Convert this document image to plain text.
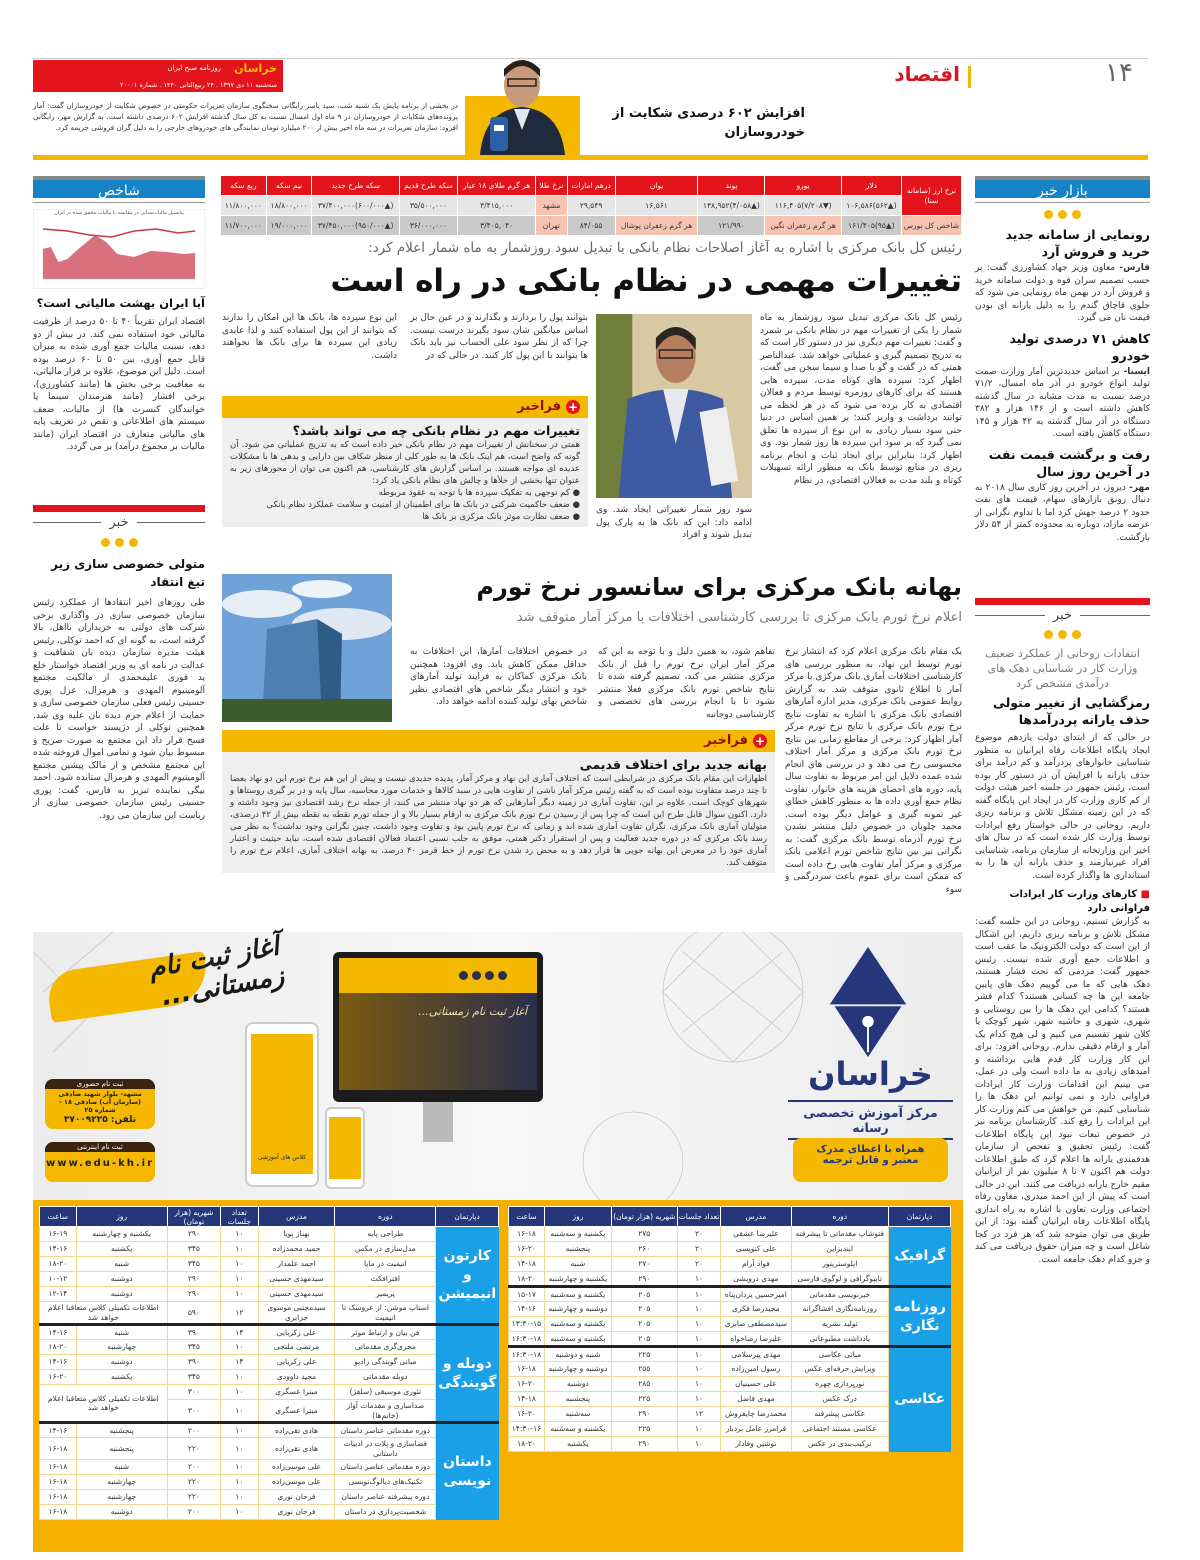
۱۴
اقتصاد
خراسان
روزنامه صبح ایران
سه‌شنبه ۱۱ دی ۱۳۹۷ . ۲۴ ربیع‌الثانی ۱۴۴۰ . شماره ۲۰۰۰۱
افزایش ۶۰۲ درصدی شکایت از خودروسازان
در بخشی از برنامه پایش یک شنبه شب، سید یاسر رایگانی سخنگوی سازمان تعزیرات حکومتی در خصوص شکایت از خودروسازان گفت: آمار پرونده‌های شکایات از خودروسازان در ۹ ماه اول امسال نسبت به کل سال گذشته افزایش ۶۰۲ درصدی داشته است. به گزارش مهر، رایگانی افزود: سازمان تعزیرات در سه ماه اخیر بیش از ۲۰۰ میلیارد تومان نمایندگی های خودروهای خارجی را به دلیل گران فروشی جریمه کرد.
نرخ ارز (سامانه سنا)	دلار	یورو	پوند	یوان	درهم امارات	نرخ طلا	هر گرم طلای ۱۸ عیار	سکه طرح قدیم	سکه طرح جدید	نیم سکه	ربع سکه
	(▲۵۶۲)۱۰۶,۵۸۶	(▼۷/۲۰۸)۱۱۶,۴۰۵	(▲۴/۰۵۸)۱۳۸,۹۵۲	۱۶,۵۶۱	۲۹,۵۴۹	مشهد	۳/۴۱۵,۰۰۰	۳۵/۵۰۰,۰۰۰	(▲۶۰۰/۰۰۰)۳۷/۴۰۰,۰۰۰	۱۸/۸۰۰,۰۰۰	۱۱/۸۰۰,۰۰۰
شاخص کل بورس	(▲۹۵)۱۶۱/۴۰۵	هر گرم زعفران نگین	۱۲۱/۹۹۰	هر گرم زعفران پوشال	۸۴/۰۵۵	تهران	۳/۴۰۵,۰۴۰	۳۶/۰۰۰,۰۰۰	(▲۹۵۰/۰۰۰)۳۷/۴۵۰,۰۰۰	۱۹/۰۰۰,۰۰۰	۱۱/۷۰۰,۰۰۰
رئیس کل بانک مرکزی با اشاره به آغاز اصلاحات نظام بانکی با تبدیل سود روزشمار به ماه شمار اعلام کرد:
تغییرات مهمی در نظام بانکی در راه است
رئیس کل بانک مرکزی تبدیل سود روزشمار به ماه شمار را یکی از تغییرات مهم در نظام بانکی بر شمرد و گفت: تغییرات مهم دیگری نیز در دستور کار است که به تدریج تصمیم گیری و عملیاتی خواهد شد. عبدالناصر همتی که در گفت و گو با صدا و سیما سخن می گفت، اظهار کرد: سپرده های کوتاه مدت، سپرده هایی هستند که برای کارهای روزمره توسط مردم و فعالان اقتصادی به کار برده می شود که در هر لحظه می توانند برداشت و واریز کنند؛ بر همین اساس در دنیا حتی سود بسیار زیادی به این نوع از سپرده ها تعلق نمی گیرد که بر سود این سپرده ها روز شمار بود. وی اظهار کرد: بنابراین برای ایجاد ثبات و انجام برنامه ریزی در منابع توسط بانک به منظور ارائه تسهیلات کوتاه و بلند مدت به فعالان اقتصادی، در نظام
سود روز شمار تغییراتی ایجاد شد. وی ادامه داد: این که بانک ها به پارک پول تبدیل شوند و افراد
بتوانند پول را بردارند و بگذارند و در عین حال بر اساس میانگین شان سود بگیرند درست نیست. چرا که از نظر سود علی الحساب نیز باید بانک ها بتوانند با این پول کار کنند. در حالی که در
این نوع سپرده ها، بانک ها این امکان را ندارند که بتوانند از این پول استفاده کنند و لذا عایدی زیادی این سپرده ها برای بانک ها نخواهند داشت.
+
فراخبر
تغییرات مهم در نظام بانکی چه می تواند باشد؟
همتی در سخنانش از تغییرات مهم در نظام بانکی خبر داده است که به تدریج عملیاتی می شود. آن گونه که واضح است، هم اینک بانک ها به طور کلی از منظر شکاف بین دارایی و بدهی ها با مشکلات عدیده ای مواجه هستند. بر اساس گزارش های کارشناسی، هم اکنون می توان از محورهای زیر به عنوان تنها بخشی از خلأها و چالش های نظام بانکی یاد کرد:
● کم توجهی به تفکیک سپرده ها با توجه به عقود مربوطه
● ضعف حاکمیت شرکتی در بانک ها برای اطمینان از امنیت و سلامت عملکرد نظام بانکی
● ضعف نظارت موثر بانک مرکزی بر بانک ها
بهانه بانک مرکزی برای سانسور نرخ تورم
اعلام نرخ تورم بانک مرکزی تا بررسی کارشناسی اختلافات با مرکز آمار متوقف شد
یک مقام بانک مرکزی اعلام کرد که انتشار نرخ تورم توسط این نهاد، به منظور بررسی های کارشناسی اختلافات آماری بانک مرکزی با مرکز آمار تا اطلاع ثانوی متوقف شد. به گزارش روابط عمومی بانک مرکزی، مدیر اداره آمارهای اقتصادی بانک مرکزی با اشاره به تفاوت نتایج نرخ تورم بانک مرکزی با نتایج نرخ تورم مرکز آمار اظهار کرد: برخی از مقاطع زمانی بین نتایج نرخ تورم بانک مرکزی و مرکز آمار اختلاف محسوسی رخ می دهد و در بررسی های انجام شده عمده دلایل این امر مربوط به تفاوت سال پایه، دوره های احصای هزینه های خانوار، تفاوت نظام جمع آوری داده ها به منظور کاهش خطای غیر نمونه گیری و عوامل دیگر بوده است. محمد چلوبان در خصوص دلیل منتشر نشدن نرخ تورم آذرماه توسط بانک مرکزی گفت: به نگرانی نیز بین نتایج شاخص تورم اعلامی بانک مرکزی و مرکز آمار تفاوت هایی رخ داده است که ممکن است برای عموم باعث سردرگمی و سوء
تفاهم شود، به همین دلیل و با توجه به این که مرکز آمار ایران نرخ تورم را قبل از بانک مرکزی منتشر می کند، تصمیم گرفته شده تا نتایج شاخص تورم بانک مرکزی فعلا منتشر نشود تا با انجام بررسی های تخصصی و کارشناسی دوجانبه
در خصوص اختلافات آمارها، این اختلافات به حداقل ممکن کاهش یابد. وی افزود: همچنین بانک مرکزی کماکان به فرایند تولید آمارهای خود و انتشار دیگر شاخص های اقتصادی نظیر شاخص بهای تولید کننده ادامه خواهد داد.
+
فراخبر
بهانه جدید برای اختلاف قدیمی
اظهارات این مقام بانک مرکزی در شرایطی است که اختلاف آماری این نهاد و مرکز آمار، پدیده جدیدی نیست و پیش از این هم نرخ تورم این دو نهاد بعضا تا چند درصد متفاوت بوده است که به گفته رئیس مرکز آمار ناشی از تفاوت هایی در سبد کالاها و خدمات مورد محاسبه، سال پایه و در بر گیری روستاها و شهرهای کوچک است. علاوه بر این، تفاوت آماری در زمینه دیگر آمارهایی که هر دو نهاد منتشر می کنند، از جمله نرخ رشد اقتصادی نیز وجود داشته و دارد. اکنون سوال قابل طرح این است که چرا پس از رسیدن نرخ تورم بانک مرکزی به ارقام بسیار بالا و از جمله تورم نقطه به نقطه بیش از ۴۲ درصدی، متولیان آماری بانک مرکزی، نگران تفاوت آماری شده اند و زمانی که نرخ تورم پایین بود و تفاوت وجود داشت، چنین نگرانی وجود نداشت؟ به نظر می رسد بانک مرکزی که در دوره جدید فعالیت و پس از استقرار دکتر همتی، موفق به جلب نسبی اعتماد فعالان اقتصادی شده است، نباید حیثیت و اعتبار آماری خود را در معرض این بهانه جویی ها قرار دهد و به محض رد شدن نرخ تورم از خط قرمز ۴۰ درصد، به بهانه اختلاف آماری، اعلام نرخ تورم را متوقف کند.
بازار خبر
رونمایی از سامانه جدید خرید و فروش آرد
فارس- معاون وزیر جهاد کشاورزی گفت: بر حسب تصمیم سران قوه و دولت سامانه خرید و فروش آرد در بهمن ماه رونمایی می شود که جلوی قاچاق گندم را به دلیل یارانه ای بودن قیمت نان می گیرد.
کاهش ۷۱ درصدی تولید خودرو
ایسنا- بر اساس جدیدترین آمار وزارت صمت تولید انواع خودرو در آذر ماه امسال، ۷۱/۲ درصد نسبت به مدت مشابه در سال گذشته کاهش داشته است و از ۱۴۶ هزار و ۳۸۲ دستگاه در آذر سال گذشته به ۴۲ هزار و ۱۴۵ دستگاه کاهش یافته است.
رفت و برگشت قیمت نفت در آخرین روز سال
مهر- دیروز، در آخرین روز کاری سال ۲۰۱۸ به دنبال رونق بازارهای سهام، قیمت های نفت حدود ۲ درصد جهش کرد اما با تداوم نگرانی از عرضه مازاد، دوباره به محدوده کمتر از ۵۴ دلار بازگشت.
خبر
انتقادات روحانی از عملکرد ضعیف وزارت کار در شناسایی دهک های درآمدی مشخص کرد
رمزگشایی از تغییر متولی حذف یارانه پردرآمدها
در حالی که از ابتدای دولت یازدهم موضوع ایجاد پایگاه اطلاعات رفاه ایرانیان به منظور شناسایی خانوارهای پردرآمد و کم درآمد برای حذف یارانه یا افزایش آن در دستور کار بوده است، رئیس جمهور در جلسه اخیر هیئت دولت از کم کاری وزارت کار در ایجاد این پایگاه گفته که در این زمینه مشکل تلاش و برنامه ریزی داریم. روحانی در حالی خواستار رفع ایرادات توسط وزارت کار شده است که در سال های اخیر این وزارتخانه از سازمان برنامه، شناسایی افراد غیرنیازمند و حذف یارانه آن ها را به استانداری ها واگذار کرده است.
■ کارهای وزارت کار ایرادات فراوانی دارد
به گزارش تسنیم، روحانی در این جلسه گفت: مشکل تلاش و برنامه ریزی داریم، این اشکال از این است که دولت الکترونیک ما عقب است و اطلاعات جمع آوری شده نیست. رئیس جمهور گفت: مردمی که تحت فشار هستند، دهک هایی که ما می گوییم دهک های پایین جامعه این ها چه کسانی هستند؟ کدام قشر هستند؟ کدامی این دهک ها را بین روستایی و شهری، شهری و حاشیه شهر، شهر کوچک یا کلان شهر تقسیم می کنیم و لی هیچ کدام یک آمار و ارقام دقیقی ندارم. روحانی افزود: برای این کار وزارت کار قدم هایی برداشته و امیدهای زیادی به ما داده است ولی در عمل، می بینیم این اقدامات وزارت کار ایرادات فراوانی دارد و نمی توانیم این دهک ها را شناسایی کنیم. من خواهش می کنم وزارت کار این ایرادات را رفع کند. کارشناسان برنامه نیز در خصوص تبعات نبود این پایگاه اطلاعات گفت: رئیس تحقیق و تفحص از سازمان هدفمندی یارانه ها اعلام کرد که طبق اطلاعات دولت هم اکنون ۷ تا ۸ میلیون نفر از ایرانیان مقیم خارج یارانه دریافت می کنند. این در حالی است که پیش از این احمد میدری، معاون رفاه اجتماعی وزارت تعاون با اشاره به راه اندازی پایگاه اطلاعات رفاه ایرانیان گفته بود: از این طریق می توان متوجه شد که هر فرد در کجا شاغل است و چه میزان حقوق دریافت می کند و جزو کدام دهک جامعه است.
شاخص
پتانسیل مالیات‌ستانی در مقایسه با مالیات محقق شده در ایران
آیا ایران بهشت مالیاتی است؟
اقتصاد ایران تقریباً ۴۰ تا ۵۰ درصد از ظرفیت مالیاتی خود استفاده نمی کند. در بیش از دو دهه، نسبت مالیات جمع آوری شده به میزان قابل جمع آوری، بین ۵۰ تا ۶۰ درصد بوده است. دلیل این موضوع، علاوه بر فرار مالیاتی، به معافیت برخی بخش ها (مانند کشاورزی)، برخی اقشار (مانند هنرمندان سینما یا خوانندگان کنسرت ها) از مالیات، ضعف سیستم های اطلاعاتی و نقص در تعریف پایه های مالیاتی متعارف در اقتصاد ایران (مانند مالیات بر مجموع درآمد) بر می گردد.
خبر
متولی خصوصی سازی زیر تیغ انتقاد
طی روزهای اخیر انتقادها از عملکرد رئیس سازمان خصوصی سازی در واگذاری برخی شرکت های دولتی به خریداران نااهل، بالا گرفته است، به گونه ای که احمد توکلی، رئیس هیئت مدیره سازمان دیده بان شفافیت و عدالت در نامه ای به وزیر اقتصاد خواستار خلع ید فوری علیمحمدی از مالکیت مجتمع آلومینیوم المهدی و هرمزال، عزل پوری حسینی رئیس فعلی سازمان خصوصی سازی و حمایت از اعلام جرم دیده بان علیه وی شد. همچنین توکلی از دژپسند خواست تا علت فسخ قرار داد این مجتمع به صورت صریح و مبسوط بیان شود و تمامی اموال فروخته شده این مجتمع مشخص و از مالک پیشین مجتمع آلومینیوم المهدی و هرمزال ستانده شود. احمد بیگی نماینده تبریز به فارس، گفت: پوری حسینی رئیس سازمان خصوصی سازی از ریاست این سازمان می رود.
آغاز ثبت نام زمستانی...
ثبت نام حضوری
مشهد- بلوار شهید صادقی (سازمان آب) صادقی ۱۸ - شماره ۲۵
تلفن: ۳۷۰۰۹۲۲۵
ثبت نام اینترنتی
www.edu-kh.ir
آغاز ثبت نام زمستانی...
کلاس های آموزشی
خراسان
مرکز آموزش تخصصی رسانه
همراه با اعطای مدرک معتبر و قابل ترجمه
دپارتمان	دوره	مدرس	تعداد جلسات	شهریه (هزار تومان)	روز	ساعت
گرافیک	فتوشاپ مقدماتی تا پیشرفته	علیرضا عشقی	۲۰	۲۷۵	یکشنبه و سه‌شنبه	۱۶-۱۸
	ایندیزاین	علی کنویسی	۲۰	۲۶۰	پنجشنبه	۱۶-۲۰
	ایلوستریتور	فواد آرام	۲۰	۲۷۰	شنبه	۱۴-۱۸
	تایپوگرافی و لوگوی فارسی	مهدی درویشی	۱۰	۲۹۰	یکشنبه و چهارشنبه	۱۸-۲۰
روزنامه نگاری	خبرنویسی مقدماتی	امیرحسین یزدان‌پناه	۱۰	۲۰۵	یکشنبه و سه‌شنبه	۱۵-۱۷
	روزنامه‌نگاری افشاگرانه	مجیدرضا فکری	۱۰	۲۰۵	دوشنبه و چهارشنبه	۱۴-۱۶
	تولید نشریه	سیدمصطفی صابری	۱۰	۲۰۵	یکشنبه و سه‌شنبه	۱۳:۳۰-۱۵
	یادداشت مطبوعاتی	علیرضا رضاخواه	۱۰	۲۰۵	یکشنبه و سه‌شنبه	۱۶:۳۰-۱۸
عکاسی	مبانی عکاسی	مهدی پیرسلامی	۱۰	۲۲۵	شنبه و دوشنبه	۱۶:۳۰-۱۸
	ویرایش حرفه‌ای عکس	رسول امین‌زاده	۱۰	۲۵۵	دوشنبه و چهارشنبه	۱۶-۱۸
	نورپردازی چهره	علی حسینیان	۱۰	۲۸۵	دوشنبه	۱۶-۲۰
	درک عکس	مهدی فاضل	۱۰	۲۲۵	پنجشنبه	۱۴-۱۸
	عکاسی پیشرفته	محمدرضا چایفروش	۱۲	۲۹۰	سه‌شنبه	۱۶-۲۰
	عکاسی مستند اجتماعی	فرامرز عامل بردبار	۱۰	۲۲۵	یکشنبه و سه‌شنبه	۱۴:۳۰-۱۶
	ترکیب‌بندی در عکس	نوشین وفادار	۱۰	۲۹۰	یکشنبه	۱۸-۲۰
دپارتمان	دوره	مدرس	تعداد جلسات	شهریه (هزار تومان)	روز	ساعت
کارتون و انیمیشن	طراحی پایه	بهناز پویا	۱۰	۲۹۰	یکشنبه و چهارشنبه	۱۶-۱۹
	مدل‌سازی در مکس	حمید محمدزاده	۱۰	۳۴۵	یکشنبه	۱۴-۱۶
	انیمیت در مایا	احمد علمدار	۱۰	۳۴۵	شنبه	۱۸-۲۰
	افترافکت	سیدمهدی حسینی	۱۰	۲۹۰	دوشنبه	۱۰-۱۲
	پریمیر	سیدمهدی حسینی	۱۰	۲۹۰	دوشنبه	۱۲-۱۴
	استاپ موشن: از عروسک تا انیمیت	سیدمجتبی موسوی جزایری	۱۲	۵۹۰	اطلاعات تکمیلی کلاس متعاقبا اعلام خواهد شد	
دوبله و گویندگی	فن بیان و ارتباط موثر	علی زکریایی	۱۴	۳۹۰	شنبه	۱۴-۱۶
	مجری‌گری مقدماتی	مرتضی ملتجی	۱۰	۳۴۵	چهارشنبه	۱۸-۲۰
	مبانی گویندگی رادیو	علی زکریایی	۱۴	۳۹۰	دوشنبه	۱۴-۱۶
	دوبله مقدماتی	مجید داوودی	۱۰	۳۴۵	یکشنبه	۱۶-۲۰
	تئوری موسیقی (سلفژ)	میترا عسگری	۱۰	۳۰۰	اطلاعات تکمیلی کلاس متعاقبا اعلام خواهد شد	
	صداسازی و مقدمات آواز (خانم‌ها)	میترا عسگری	۱۰	۳۰۰		
داستان نویسی	دوره مقدماتی عناصر داستان	هادی تقی‌زاده	۱۰	۲۰۰	پنجشنبه	۱۴-۱۶
	فضاسازی و پلات در ادبیات داستانی	هادی تقی‌زاده	۱۰	۲۲۰	پنجشنبه	۱۶-۱۸
	دوره مقدماتی عناصر داستان	علی موسی‌زاده	۱۰	۲۰۰	شنبه	۱۶-۱۸
	تکنیک‌های دیالوگ‌نویسی	علی موسی‌زاده	۱۰	۲۲۰	چهارشنبه	۱۶-۱۸
	دوره پیشرفته عناصر داستان	فرحان نوری	۱۰	۲۲۰	چهارشنبه	۱۶-۱۸
	شخصیت‌پردازی در داستان	فرحان نوری	۱۰	۲۰۰	دوشنبه	۱۶-۱۸
